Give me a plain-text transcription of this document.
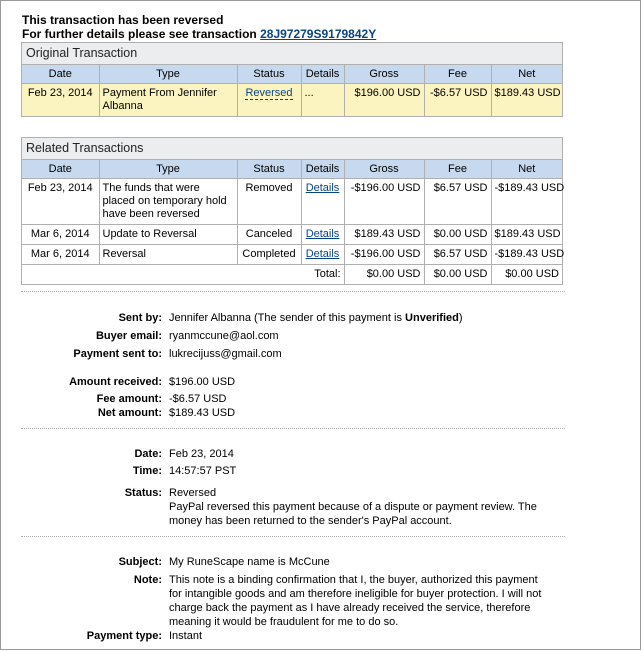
This transaction has been reversed
For further details please see transaction 28J97279S9179842Y
Original Transaction
Date	Type	Status	Details	Gross	Fee	Net
Feb 23, 2014	Payment From Jennifer Albanna	Reversed	...	$196.00 USD	-$6.57 USD	$189.43 USD
Related Transactions
Date	Type	Status	Details	Gross	Fee	Net
Feb 23, 2014	The funds that were placed on temporary hold have been reversed	Removed	Details	-$196.00 USD	$6.57 USD	-$189.43 USD
Mar 6, 2014	Update to Reversal	Canceled	Details	$189.43 USD	$0.00 USD	$189.43 USD
Mar 6, 2014	Reversal	Completed	Details	-$196.00 USD	$6.57 USD	-$189.43 USD
Total:				$0.00 USD	$0.00 USD	$0.00 USD
Sent by: Jennifer Albanna (The sender of this payment is Unverified)
Buyer email: ryanmccune@aol.com
Payment sent to: lukrecijuss@gmail.com
Amount received: $196.00 USD
Fee amount: -$6.57 USD
Net amount: $189.43 USD
Date: Feb 23, 2014
Time: 14:57:57 PST
Status: Reversed
PayPal reversed this payment because of a dispute or payment review. The money has been returned to the sender's PayPal account.
Subject: My RuneScape name is McCune
Note: This note is a binding confirmation that I, the buyer, authorized this payment for intangible goods and am therefore ineligible for buyer protection. I will not charge back the payment as I have already received the service, therefore meaning it would be fraudulent for me to do so.
Payment type: Instant
